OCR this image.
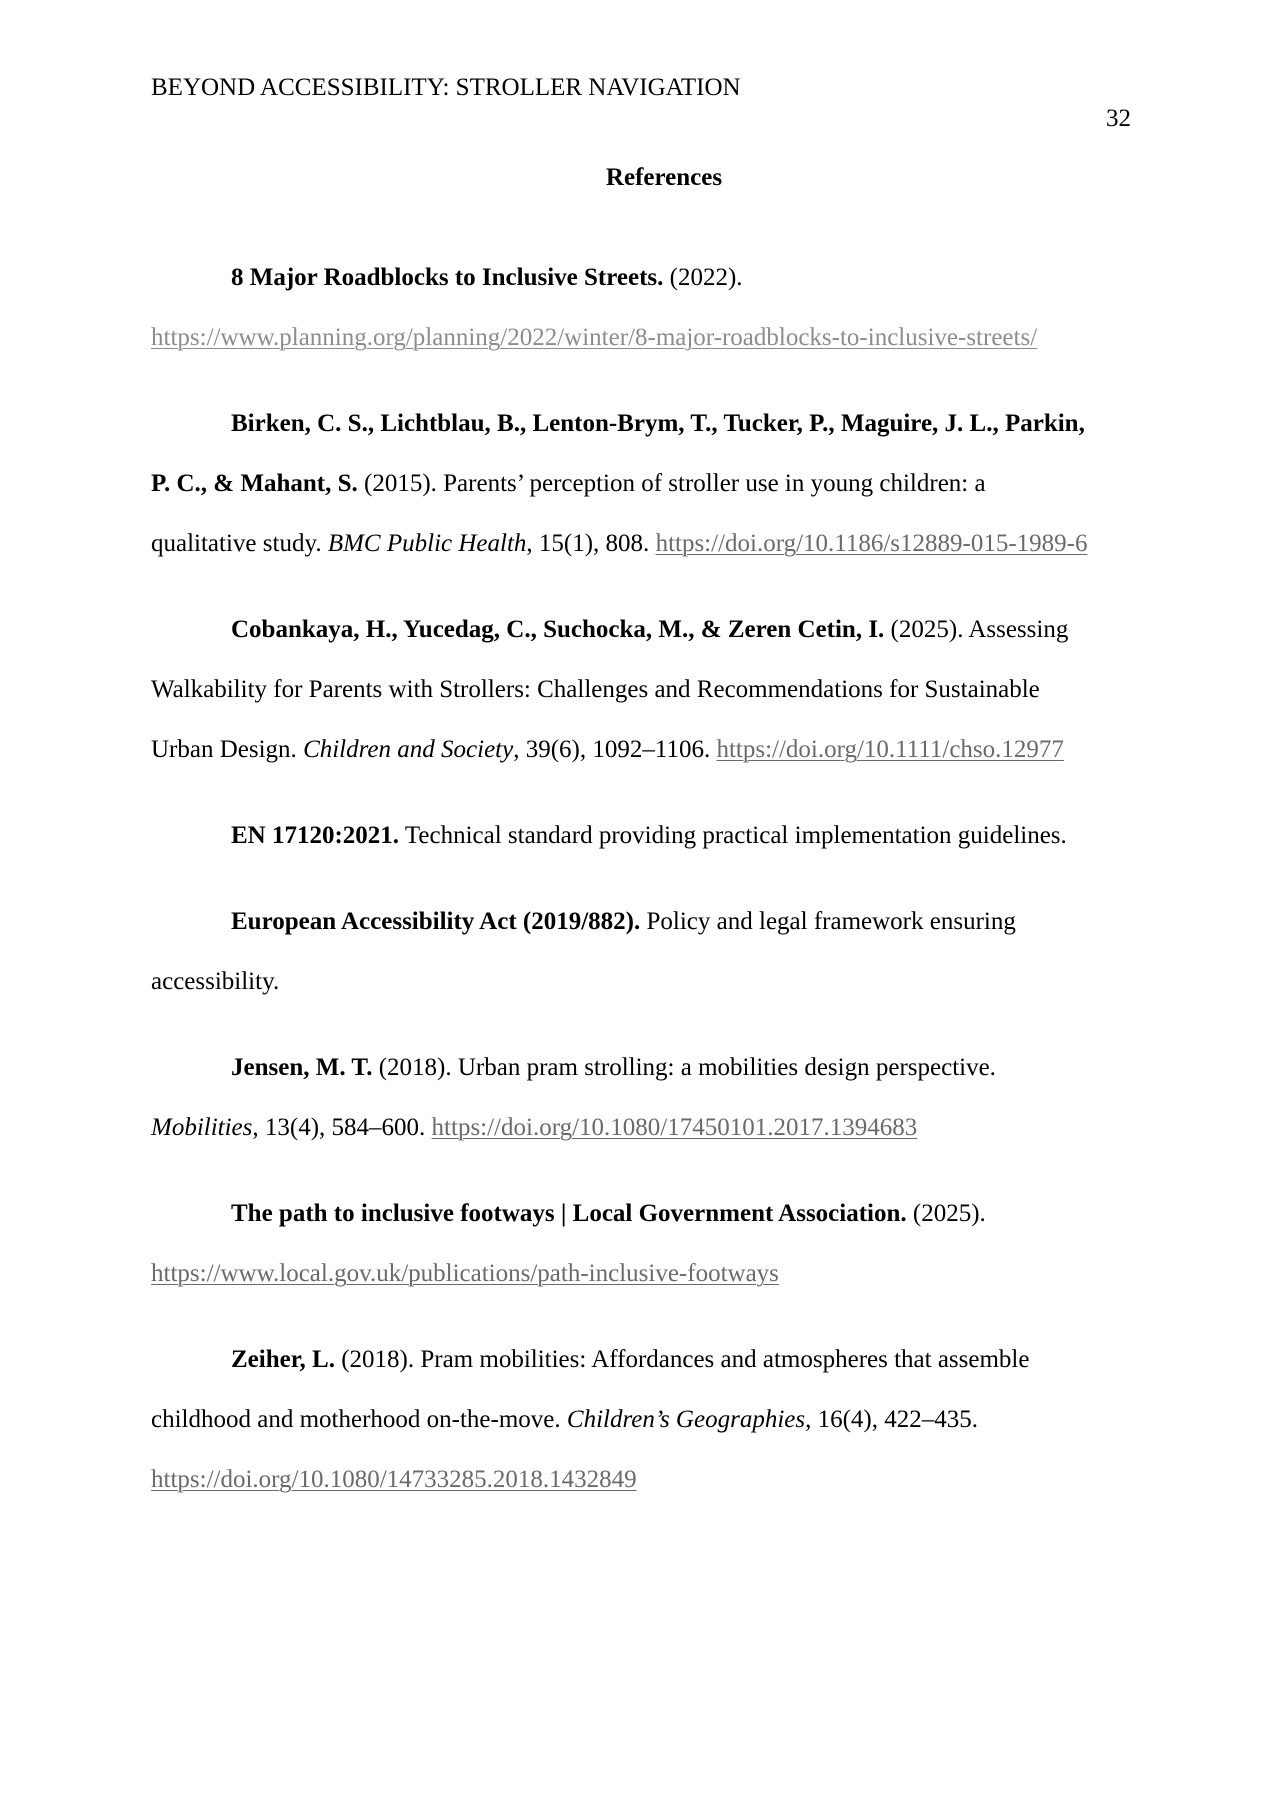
BEYOND ACCESSIBILITY: STROLLER NAVIGATION
32
References
8 Major Roadblocks to Inclusive Streets. (2022).
https://www.planning.org/planning/2022/winter/8-major-roadblocks-to-inclusive-streets/
Birken, C. S., Lichtblau, B., Lenton-Brym, T., Tucker, P., Maguire, J. L., Parkin,
P. C., & Mahant, S. (2015). Parents’ perception of stroller use in young children: a
qualitative study. BMC Public Health, 15(1), 808. https://doi.org/10.1186/s12889-015-1989-6
Cobankaya, H., Yucedag, C., Suchocka, M., & Zeren Cetin, I. (2025). Assessing
Walkability for Parents with Strollers: Challenges and Recommendations for Sustainable
Urban Design. Children and Society, 39(6), 1092–1106. https://doi.org/10.1111/chso.12977
EN 17120:2021. Technical standard providing practical implementation guidelines.
European Accessibility Act (2019/882). Policy and legal framework ensuring
accessibility.
Jensen, M. T. (2018). Urban pram strolling: a mobilities design perspective.
Mobilities, 13(4), 584–600. https://doi.org/10.1080/17450101.2017.1394683
The path to inclusive footways | Local Government Association. (2025).
https://www.local.gov.uk/publications/path-inclusive-footways
Zeiher, L. (2018). Pram mobilities: Affordances and atmospheres that assemble
childhood and motherhood on-the-move. Children’s Geographies, 16(4), 422–435.
https://doi.org/10.1080/14733285.2018.1432849
